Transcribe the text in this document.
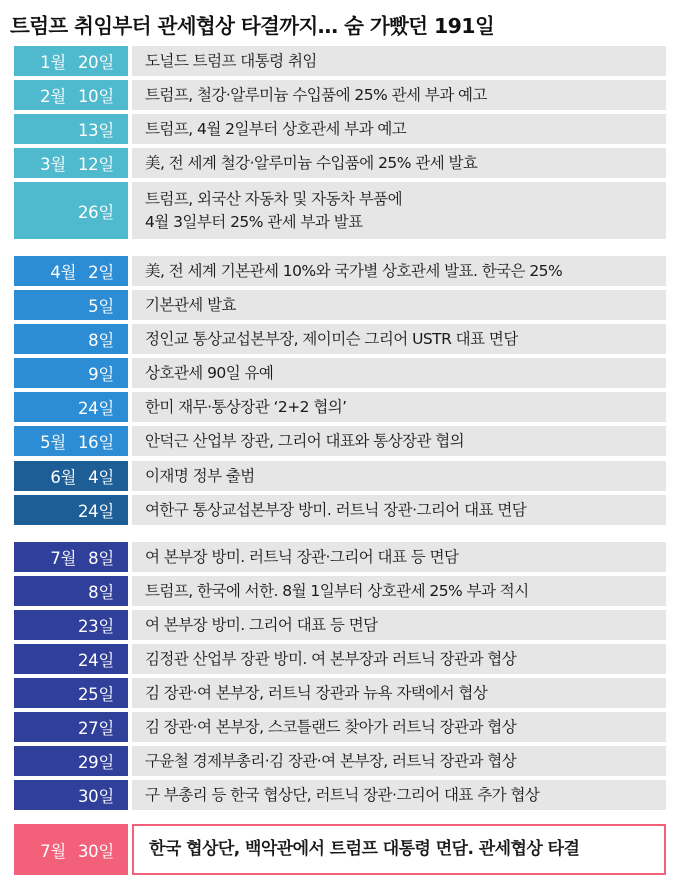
트럼프 취임부터 관세협상 타결까지… 숨 가빴던 191일
1월 20일 도널드 트럼프 대통령 취임
2월 10일 트럼프, 철강·알루미늄 수입품에 25% 관세 부과 예고
13일 트럼프, 4월 2일부터 상호관세 부과 예고
3월 12일 美, 전 세계 철강·알루미늄 수입품에 25% 관세 발효
26일
트럼프, 외국산 자동차 및 자동차 부품에
4월 3일부터 25% 관세 부과 발표
4월 2일 美, 전 세계 기본관세 10%와 국가별 상호관세 발표. 한국은 25%
5일 기본관세 발효
8일 정인교 통상교섭본부장, 제이미슨 그리어 USTR 대표 면담
9일 상호관세 90일 유예
24일 한미 재무·통상장관 ‘2+2 협의’
5월 16일 안덕근 산업부 장관, 그리어 대표와 통상장관 협의
6월 4일 이재명 정부 출범
24일 여한구 통상교섭본부장 방미. 러트닉 장관·그리어 대표 면담
7월 8일 여 본부장 방미. 러트닉 장관·그리어 대표 등 면담
8일 트럼프, 한국에 서한. 8월 1일부터 상호관세 25% 부과 적시
23일 여 본부장 방미. 그리어 대표 등 면담
24일 김정관 산업부 장관 방미. 여 본부장과 러트닉 장관과 협상
25일 김 장관·여 본부장, 러트닉 장관과 뉴욕 자택에서 협상
27일 김 장관·여 본부장, 스코틀랜드 찾아가 러트닉 장관과 협상
29일 구윤철 경제부총리·김 장관·여 본부장, 러트닉 장관과 협상
30일 구 부총리 등 한국 협상단, 러트닉 장관·그리어 대표 추가 협상
7월 30일 한국 협상단, 백악관에서 트럼프 대통령 면담. 관세협상 타결
